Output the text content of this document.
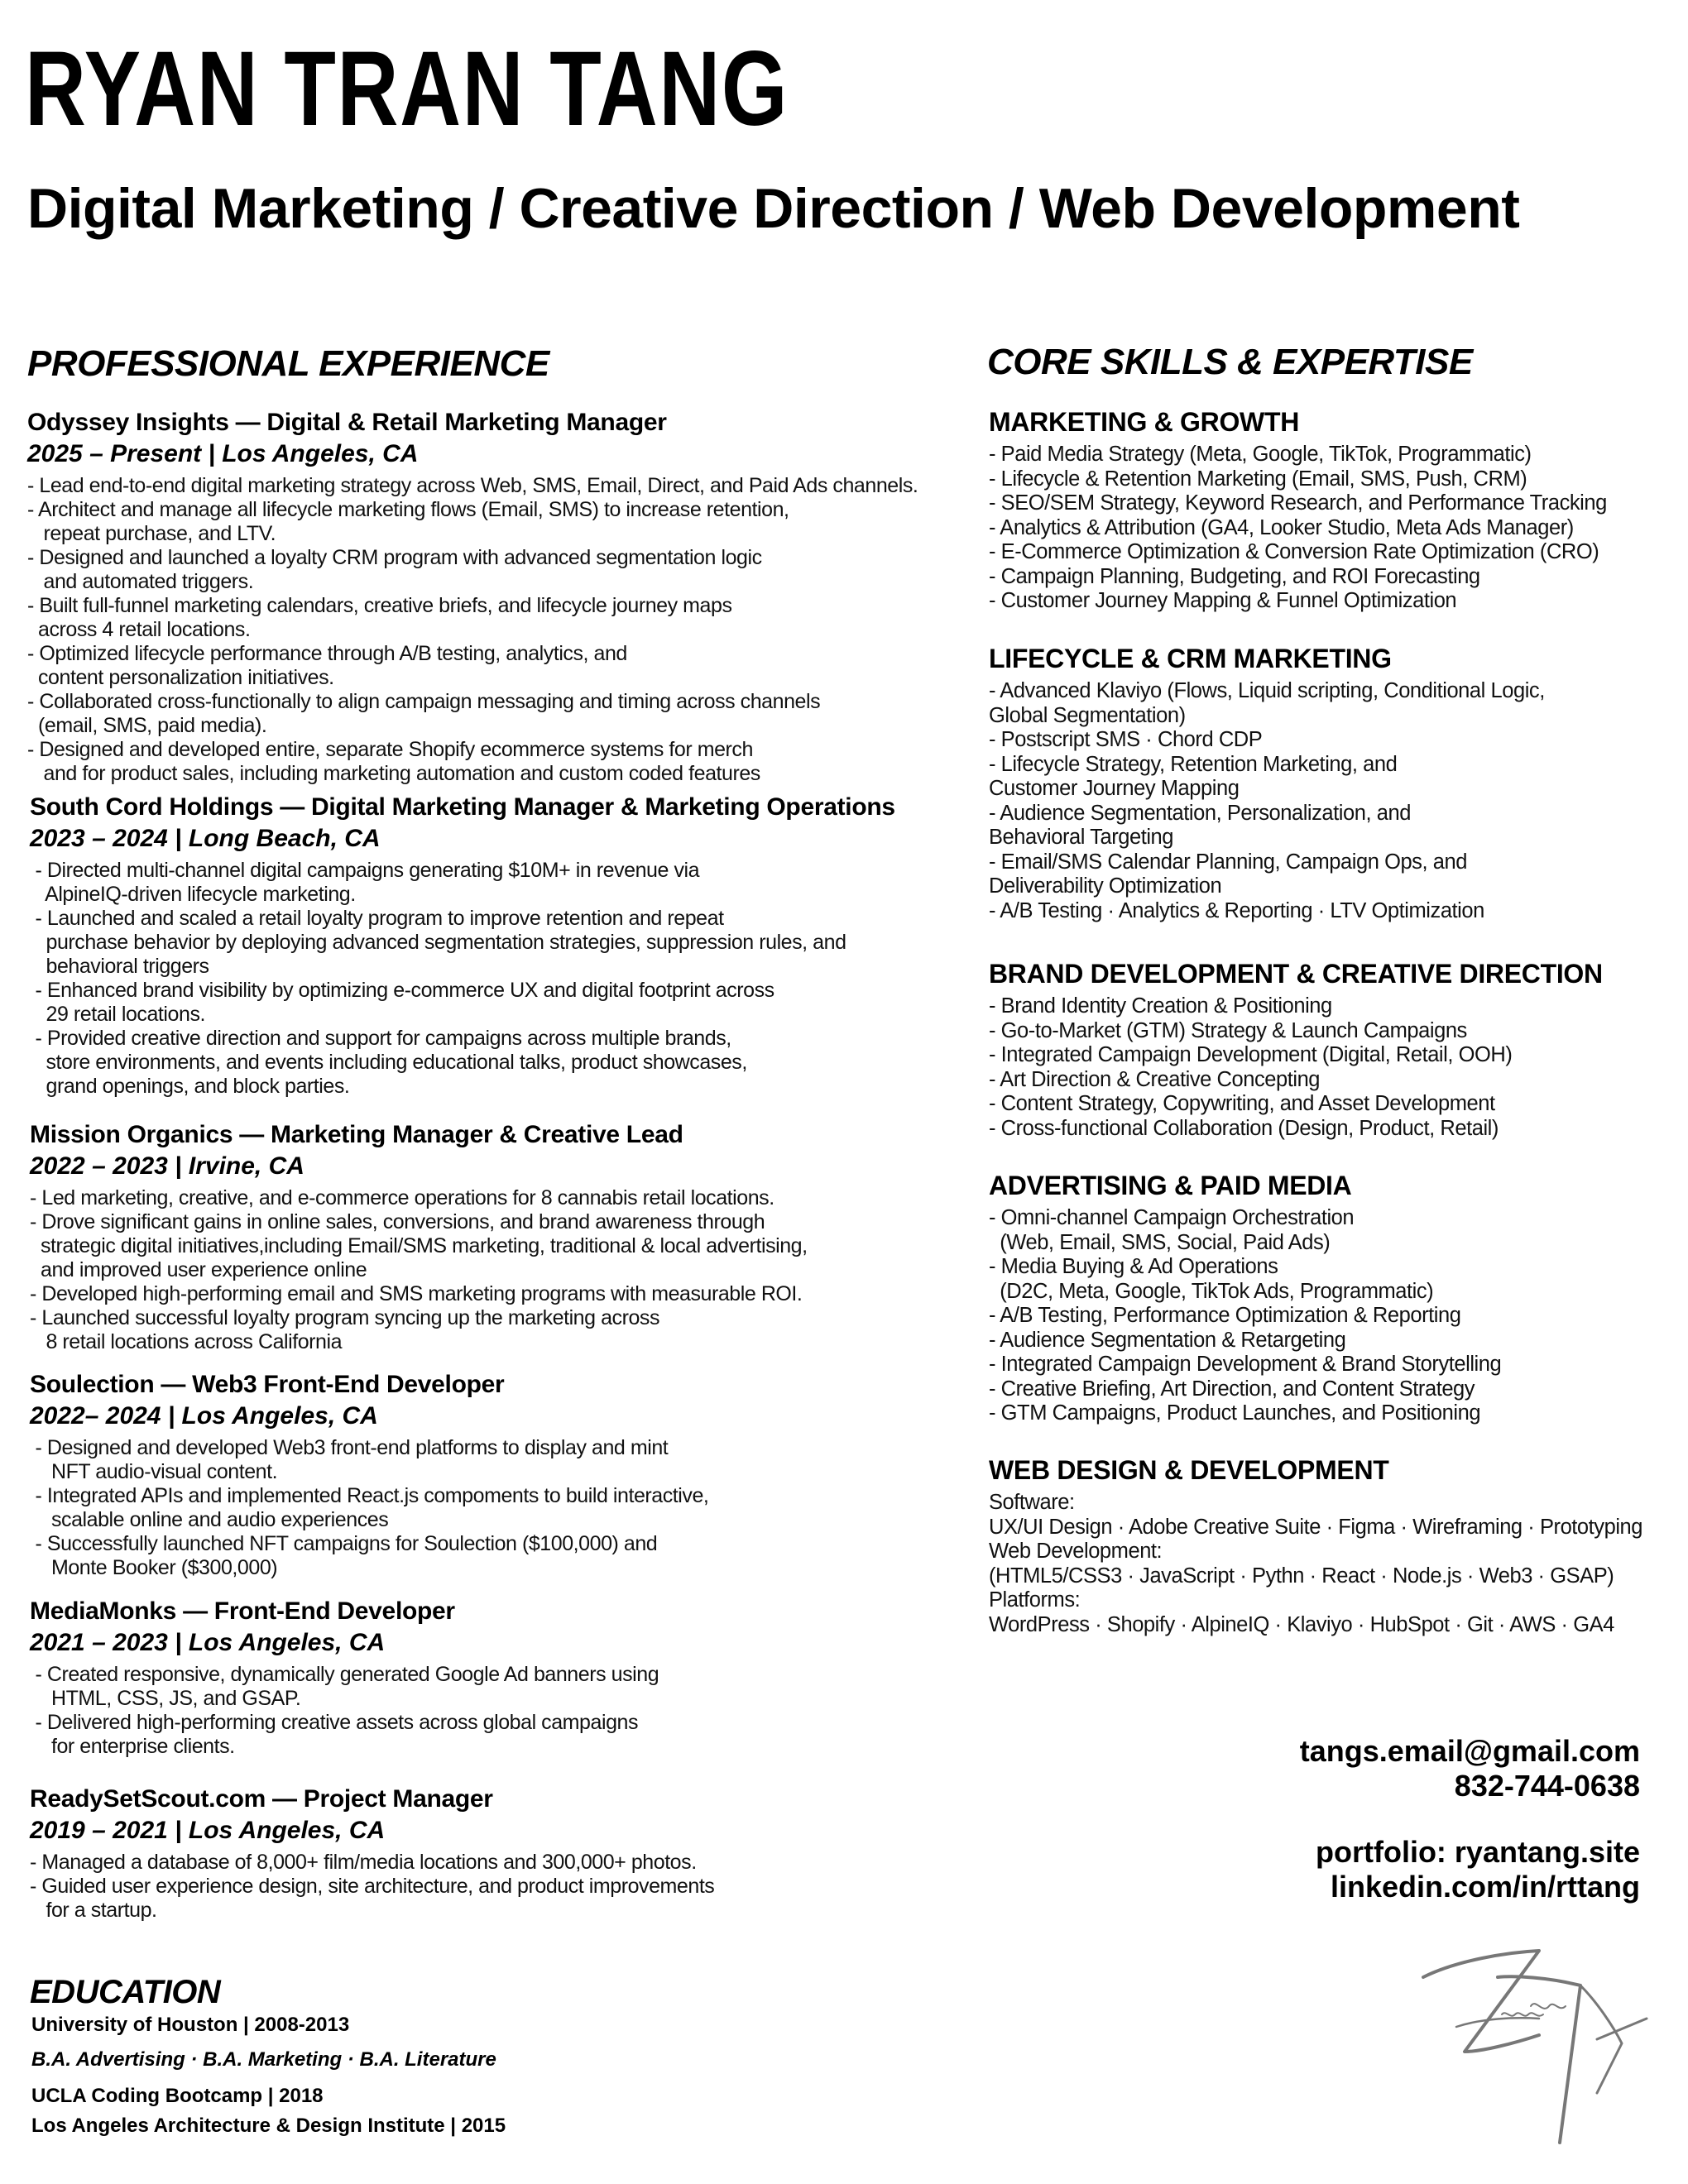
RYAN TRAN TANG
Digital Marketing / Creative Direction / Web Development
PROFESSIONAL EXPERIENCE
Odyssey Insights — Digital & Retail Marketing Manager
2025 – Present | Los Angeles, CA
- Lead end-to-end digital marketing strategy across Web, SMS, Email, Direct, and Paid Ads channels.
- Architect and manage all lifecycle marketing flows (Email, SMS) to increase retention,
repeat purchase, and LTV.
- Designed and launched a loyalty CRM program with advanced segmentation logic
and automated triggers.
- Built full-funnel marketing calendars, creative briefs, and lifecycle journey maps
across 4 retail locations.
- Optimized lifecycle performance through A/B testing, analytics, and
content personalization initiatives.
- Collaborated cross-functionally to align campaign messaging and timing across channels
(email, SMS, paid media).
- Designed and developed entire, separate Shopify ecommerce systems for merch
and for product sales, including marketing automation and custom coded features
South Cord Holdings — Digital Marketing Manager & Marketing Operations
2023 – 2024 | Long Beach, CA
- Directed multi-channel digital campaigns generating $10M+ in revenue via
AlpineIQ-driven lifecycle marketing.
- Launched and scaled a retail loyalty program to improve retention and repeat
purchase behavior by deploying advanced segmentation strategies, suppression rules, and
behavioral triggers
- Enhanced brand visibility by optimizing e-commerce UX and digital footprint across
29 retail locations.
- Provided creative direction and support for campaigns across multiple brands,
store environments, and events including educational talks, product showcases,
grand openings, and block parties.
Mission Organics — Marketing Manager & Creative Lead
2022 – 2023 | Irvine, CA
- Led marketing, creative, and e-commerce operations for 8 cannabis retail locations.
- Drove significant gains in online sales, conversions, and brand awareness through
strategic digital initiatives,including Email/SMS marketing, traditional & local advertising,
and improved user experience online
- Developed high-performing email and SMS marketing programs with measurable ROI.
- Launched successful loyalty program syncing up the marketing across
8 retail locations across California
Soulection — Web3 Front-End Developer
2022– 2024 | Los Angeles, CA
- Designed and developed Web3 front-end platforms to display and mint
NFT audio-visual content.
- Integrated APIs and implemented React.js compoments to build interactive,
scalable online and audio experiences
- Successfully launched NFT campaigns for Soulection ($100,000) and
Monte Booker ($300,000)
MediaMonks — Front-End Developer
2021 – 2023 | Los Angeles, CA
- Created responsive, dynamically generated Google Ad banners using
HTML, CSS, JS, and GSAP.
- Delivered high-performing creative assets across global campaigns
for enterprise clients.
ReadySetScout.com — Project Manager
2019 – 2021 | Los Angeles, CA
- Managed a database of 8,000+ film/media locations and 300,000+ photos.
- Guided user experience design, site architecture, and product improvements
for a startup.
EDUCATION
University of Houston | 2008-2013
B.A. Advertising · B.A. Marketing · B.A. Literature
UCLA Coding Bootcamp | 2018
Los Angeles Architecture & Design Institute | 2015
CORE SKILLS & EXPERTISE
MARKETING & GROWTH
- Paid Media Strategy (Meta, Google, TikTok, Programmatic)
- Lifecycle & Retention Marketing (Email, SMS, Push, CRM)
- SEO/SEM Strategy, Keyword Research, and Performance Tracking
- Analytics & Attribution (GA4, Looker Studio, Meta Ads Manager)
- E-Commerce Optimization & Conversion Rate Optimization (CRO)
- Campaign Planning, Budgeting, and ROI Forecasting
- Customer Journey Mapping & Funnel Optimization
LIFECYCLE & CRM MARKETING
- Advanced Klaviyo (Flows, Liquid scripting, Conditional Logic,
Global Segmentation)
- Postscript SMS · Chord CDP
- Lifecycle Strategy, Retention Marketing, and
Customer Journey Mapping
- Audience Segmentation, Personalization, and
Behavioral Targeting
- Email/SMS Calendar Planning, Campaign Ops, and
Deliverability Optimization
- A/B Testing · Analytics & Reporting · LTV Optimization
BRAND DEVELOPMENT & CREATIVE DIRECTION
- Brand Identity Creation & Positioning
- Go-to-Market (GTM) Strategy & Launch Campaigns
- Integrated Campaign Development (Digital, Retail, OOH)
- Art Direction & Creative Concepting
- Content Strategy, Copywriting, and Asset Development
- Cross-functional Collaboration (Design, Product, Retail)
ADVERTISING & PAID MEDIA
- Omni-channel Campaign Orchestration
(Web, Email, SMS, Social, Paid Ads)
- Media Buying & Ad Operations
(D2C, Meta, Google, TikTok Ads, Programmatic)
- A/B Testing, Performance Optimization & Reporting
- Audience Segmentation & Retargeting
- Integrated Campaign Development & Brand Storytelling
- Creative Briefing, Art Direction, and Content Strategy
- GTM Campaigns, Product Launches, and Positioning
WEB DESIGN & DEVELOPMENT
Software:
UX/UI Design · Adobe Creative Suite · Figma · Wireframing · Prototyping
Web Development:
(HTML5/CSS3 · JavaScript · Pythn · React · Node.js · Web3 · GSAP)
Platforms:
WordPress · Shopify · AlpineIQ · Klaviyo · HubSpot · Git · AWS · GA4
tangs.email@gmail.com
832-744-0638
portfolio: ryantang.site
linkedin.com/in/rttang
